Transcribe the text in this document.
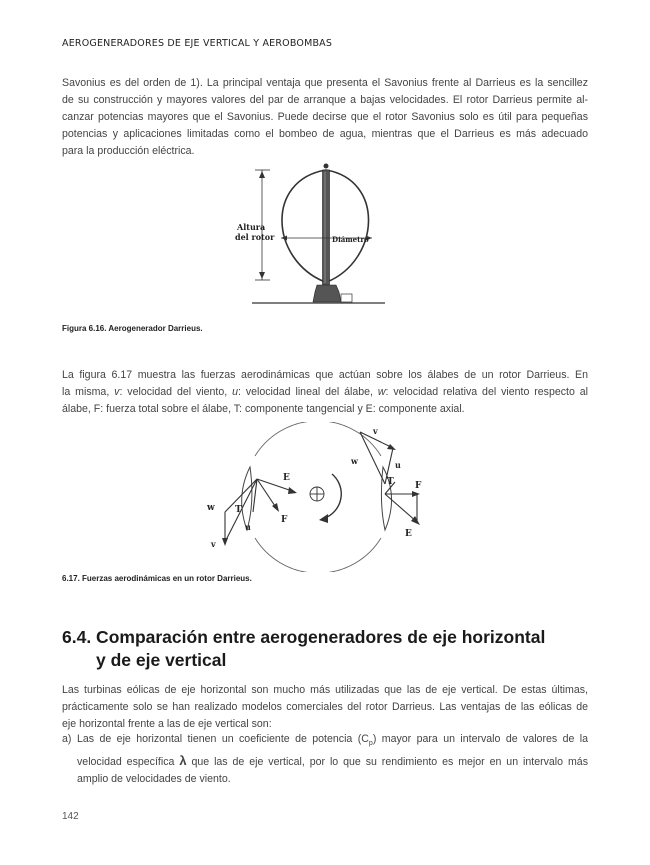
AEROGENERADORES DE EJE VERTICAL Y AEROBOMBAS

Savonius es del orden de 1). La principal ventaja que presenta el Savonius frente al Darrieus es la sencillez
de su construcción y mayores valores del par de arranque a bajas velocidades. El rotor Darrieus permite al-
canzar potencias mayores que el Savonius. Puede decirse que el rotor Savonius solo es útil para pequeñas
potencias y aplicaciones limitadas como el bombeo de agua, mientras que el Darrieus es más adecuado
para la producción eléctrica.

Altura
del rotor	Diámetro
Figura 6.16. Aerogenerador Darrieus.

La figura 6.17 muestra las fuerzas aerodinámicas que actúan sobre los álabes de un rotor Darrieus. En
la misma, v: velocidad del viento, u: velocidad lineal del álabe, w: velocidad relativa del viento respecto al
álabe, F: fuerza total sobre el álabe, T: componente tangencial y E: componente axial.

w T
u
v
E
F
v
w	u
T F
E
6.17. Fuerzas aerodinámicas en un rotor Darrieus.
6.4. Comparación entre aerogeneradores de eje horizontal
y de eje vertical

Las turbinas eólicas de eje horizontal son mucho más utilizadas que las de eje vertical. De estas últimas,
prácticamente solo se han realizado modelos comerciales del rotor Darrieus. Las ventajas de las eólicas de
eje horizontal frente a las de eje vertical son:

a) Las de eje horizontal tienen un coeficiente de potencia $(C_p)$ mayor para un intervalo de valores de la
velocidad específica λ que las de eje vertical, por lo que su rendimiento es mejor en un intervalo más
amplio de velocidades de viento.
142
